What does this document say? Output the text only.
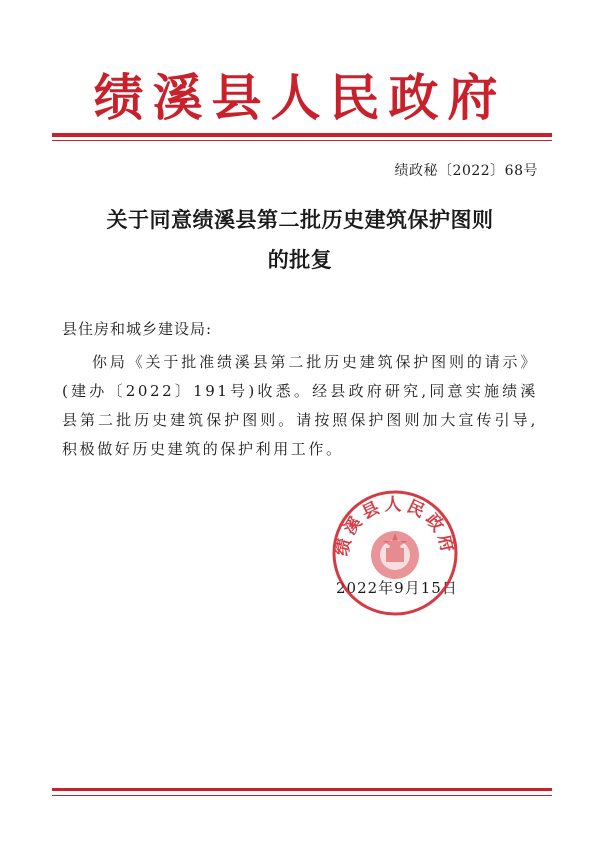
绩溪县人民政府
绩政秘〔2022〕68号
关于同意绩溪县第二批历史建筑保护图则
的批复
县住房和城乡建设局:
你局《关于批准绩溪县第二批历史建筑保护图则的请示》(建办〔2022〕191号)收悉。经县政府研究,同意实施绩溪县第二批历史建筑保护图则。请按照保护图则加大宣传引导,积极做好历史建筑的保护利用工作。
2022年9月15日
绩溪县人民政府
